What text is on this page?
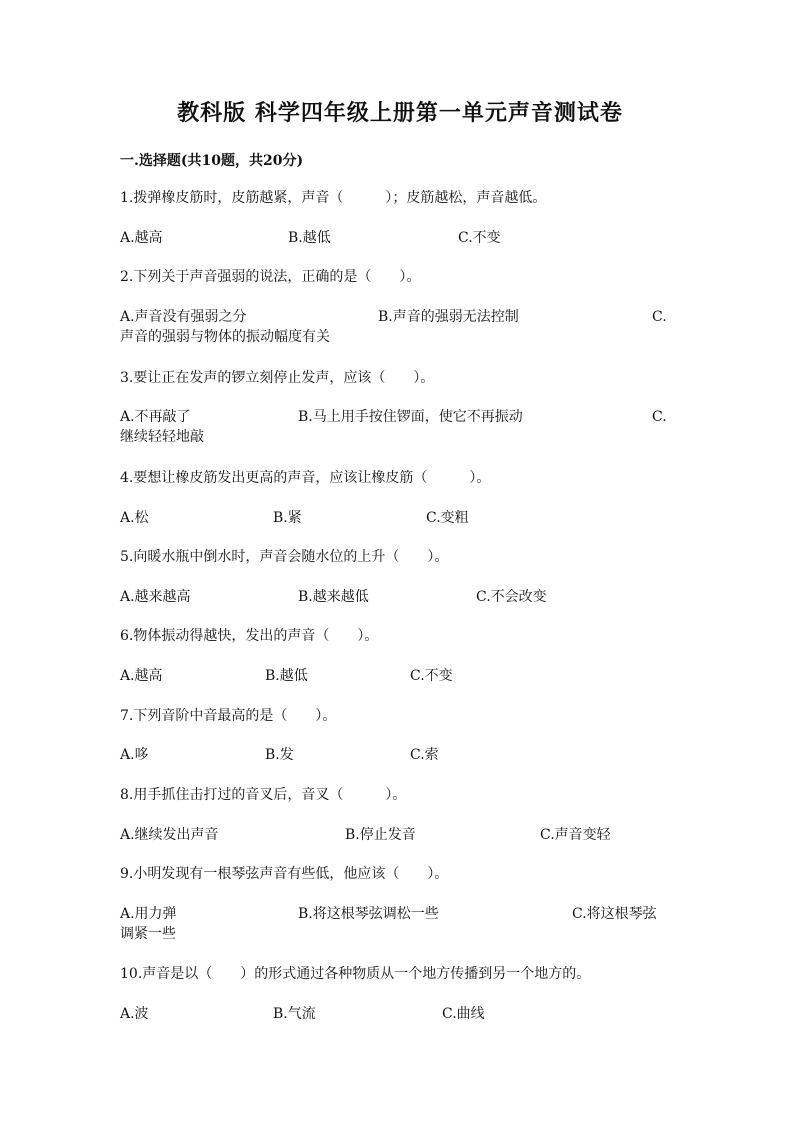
教科版 科学四年级上册第一单元声音测试卷
一.选择题(共10题，共20分)
1.拨弹橡皮筋时，皮筋越紧，声音（　　　）；皮筋越松，声音越低。
A.越高	B.越低	C.不变
2.下列关于声音强弱的说法，正确的是（　　）。
A.声音没有强弱之分	B.声音的强弱无法控制	C.
声音的强弱与物体的振动幅度有关
3.要让正在发声的锣立刻停止发声，应该（　　）。
A.不再敲了	B.马上用手按住锣面，使它不再振动	C.
继续轻轻地敲
4.要想让橡皮筋发出更高的声音，应该让橡皮筋（　　　）。
A.松	B.紧	C.变粗
5.向暖水瓶中倒水时，声音会随水位的上升（　　）。
A.越来越高	B.越来越低	C.不会改变
6.物体振动得越快，发出的声音（　　）。
A.越高	B.越低	C.不变
7.下列音阶中音最高的是（　　）。
A.哆	B.发	C.索
8.用手抓住击打过的音叉后，音叉（　　　）。
A.继续发出声音	B.停止发音	C.声音变轻
9.小明发现有一根琴弦声音有些低，他应该（　　）。
A.用力弹	B.将这根琴弦调松一些	C.将这根琴弦
调紧一些
10.声音是以（　　）的形式通过各种物质从一个地方传播到另一个地方的。
A.波	B.气流	C.曲线
